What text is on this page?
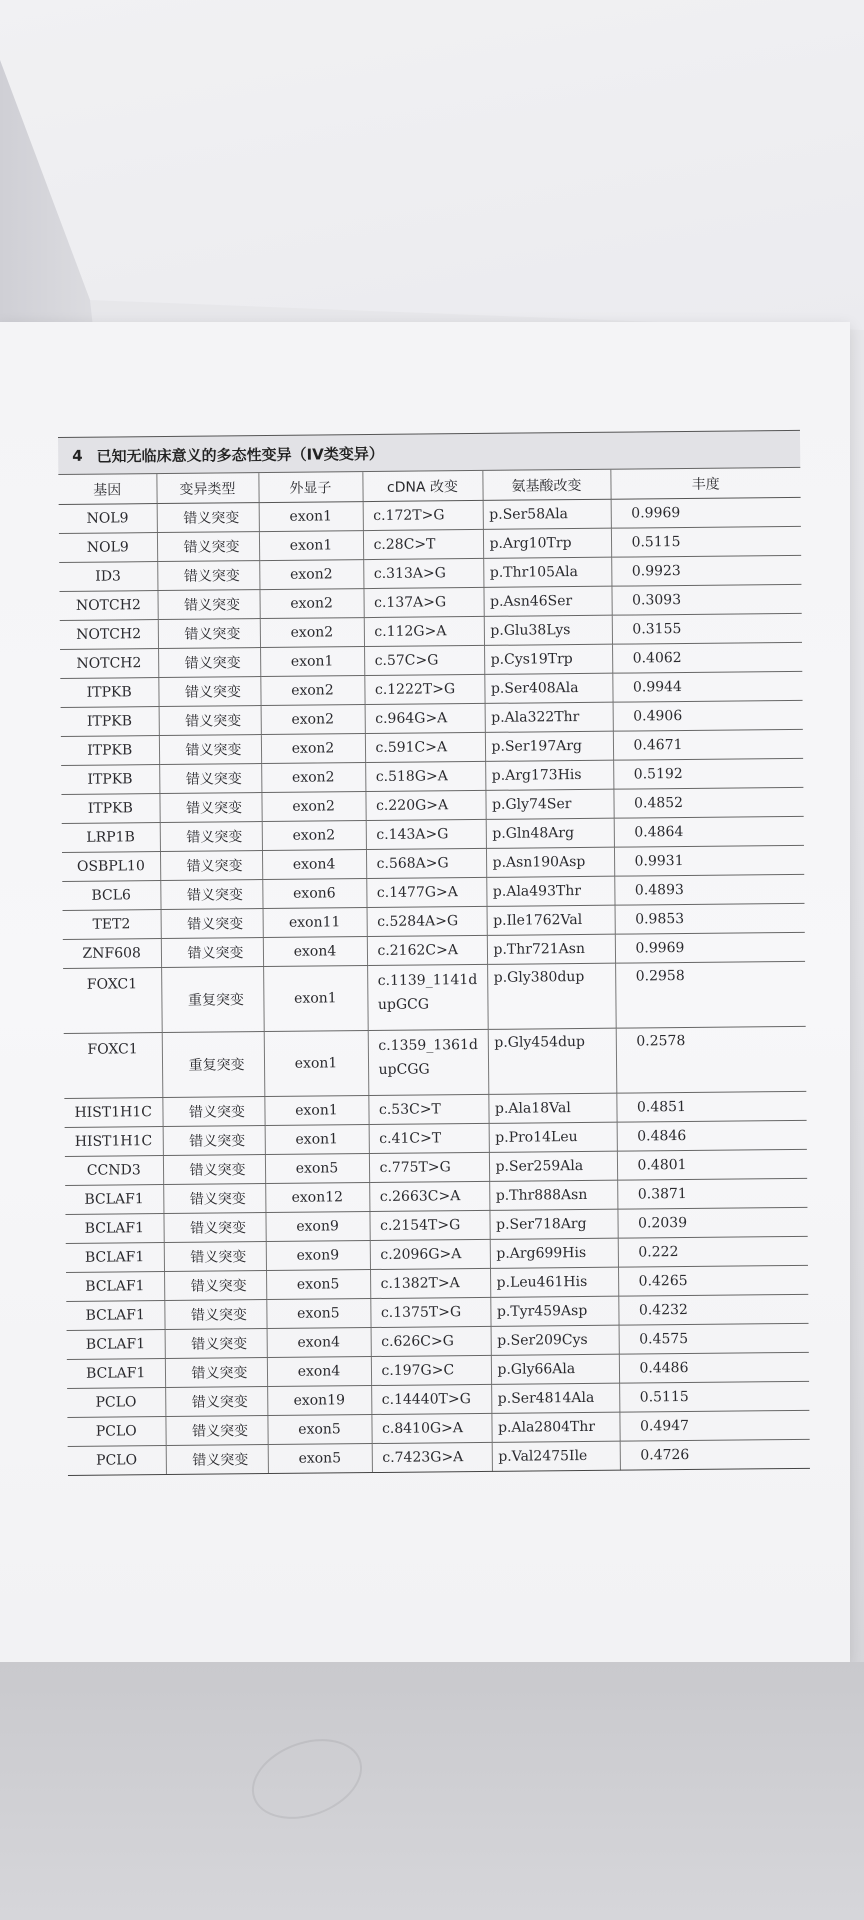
4 已知无临床意义的多态性变异（IV类变异）
基因	变异类型	外显子	cDNA 改变	氨基酸改变	丰度
NOL9	错义突变	exon1	c.172T>G	p.Ser58Ala	0.9969
NOL9	错义突变	exon1	c.28C>T	p.Arg10Trp	0.5115
ID3	错义突变	exon2	c.313A>G	p.Thr105Ala	0.9923
NOTCH2	错义突变	exon2	c.137A>G	p.Asn46Ser	0.3093
NOTCH2	错义突变	exon2	c.112G>A	p.Glu38Lys	0.3155
NOTCH2	错义突变	exon1	c.57C>G	p.Cys19Trp	0.4062
ITPKB	错义突变	exon2	c.1222T>G	p.Ser408Ala	0.9944
ITPKB	错义突变	exon2	c.964G>A	p.Ala322Thr	0.4906
ITPKB	错义突变	exon2	c.591C>A	p.Ser197Arg	0.4671
ITPKB	错义突变	exon2	c.518G>A	p.Arg173His	0.5192
ITPKB	错义突变	exon2	c.220G>A	p.Gly74Ser	0.4852
LRP1B	错义突变	exon2	c.143A>G	p.Gln48Arg	0.4864
OSBPL10	错义突变	exon4	c.568A>G	p.Asn190Asp	0.9931
BCL6	错义突变	exon6	c.1477G>A	p.Ala493Thr	0.4893
TET2	错义突变	exon11	c.5284A>G	p.Ile1762Val	0.9853
ZNF608	错义突变	exon4	c.2162C>A	p.Thr721Asn	0.9969
FOXC1	重复突变	exon1	c.1139_1141dupGCG	p.Gly380dup	0.2958
FOXC1	重复突变	exon1	c.1359_1361dupCGG	p.Gly454dup	0.2578
HIST1H1C	错义突变	exon1	c.53C>T	p.Ala18Val	0.4851
HIST1H1C	错义突变	exon1	c.41C>T	p.Pro14Leu	0.4846
CCND3	错义突变	exon5	c.775T>G	p.Ser259Ala	0.4801
BCLAF1	错义突变	exon12	c.2663C>A	p.Thr888Asn	0.3871
BCLAF1	错义突变	exon9	c.2154T>G	p.Ser718Arg	0.2039
BCLAF1	错义突变	exon9	c.2096G>A	p.Arg699His	0.222
BCLAF1	错义突变	exon5	c.1382T>A	p.Leu461His	0.4265
BCLAF1	错义突变	exon5	c.1375T>G	p.Tyr459Asp	0.4232
BCLAF1	错义突变	exon4	c.626C>G	p.Ser209Cys	0.4575
BCLAF1	错义突变	exon4	c.197G>C	p.Gly66Ala	0.4486
PCLO	错义突变	exon19	c.14440T>G	p.Ser4814Ala	0.5115
PCLO	错义突变	exon5	c.8410G>A	p.Ala2804Thr	0.4947
PCLO	错义突变	exon5	c.7423G>A	p.Val2475Ile	0.4726
